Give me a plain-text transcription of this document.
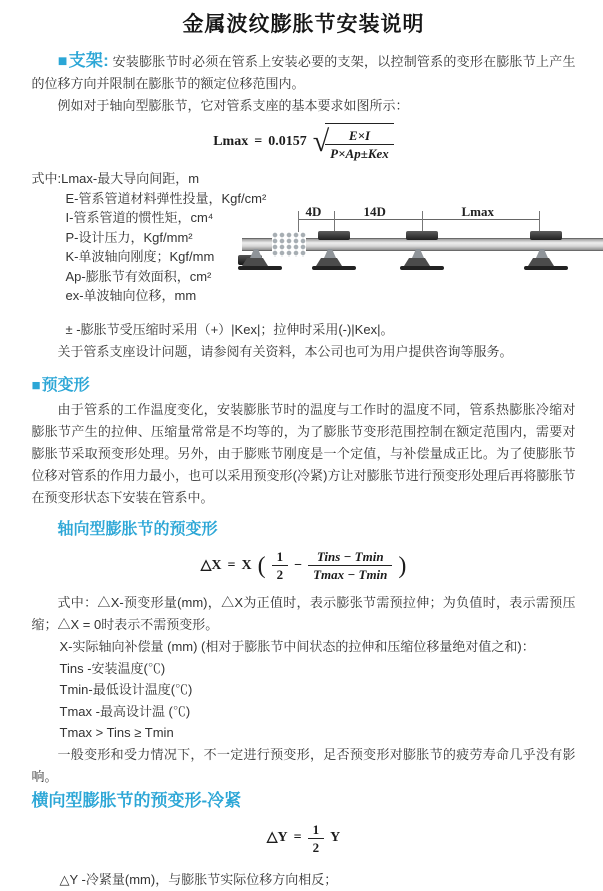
金属波纹膨胀节安装说明

■支架: 安装膨胀节时必须在管系上安装必要的支架，以控制管系的变形在膨胀节上产生的位移方向并限制在膨胀节的额定位移范围内。

例如对于轴向型膨胀节，它对管系支座的基本要求如图所示：

Lmax = 0.0157 √
$\frac{E\times I}{\text{P×Ap±Kex}}$
式中:Lmax-最大导向间距，m
E-管系管道材料弹性投量，Kgf/cm²
I-管系管道的惯性矩，cm⁴
P-设计压力，Kgf/mm²
K-单波轴向刚度；Kgf/mm
Ap-膨胀节有效面积，cm²
ex-单波轴向位移，mm
4D	14D	Lmax
± -膨胀节受压缩时采用（+）|Kex|；拉伸时采用(-)|Kex|。

关于管系支座设计问题，请参阅有关资料，本公司也可为用户提供咨询等服务。

■预变形

由于管系的工作温度变化，安装膨胀节时的温度与工作时的温度不同，管系热膨胀冷缩对膨胀节产生的拉伸、压缩量常常是不均等的，为了膨胀节变形范围控制在额定范围内，需要对膨胀节采取预变形处理。另外，由于膨账节刚度是一个定值，与补偿量成正比。为了使膨胀节位移对管系的作用力最小，也可以采用预变形(冷紧)方让对膨胀节进行预变形处理后再将膨胀节在预变形状态下安装在管系中。

轴向型膨胀节的预变形
△X = X ( $\frac{1}{2} - \frac{\text{Tins − Tmin}}{Tmax - Tmin}$ )

式中：△X-预变形量(mm)，△X为正值时，表示膨张节需预拉伸；为负值时，表示需预压缩；△X = 0时表示不需预变形。

X-实际轴向补偿量 (mm) (相对于膨胀节中间状态的拉伸和压缩位移量绝对值之和)：
Tins -安装温度(℃)
Tmin-最低设计温度(℃)
Tmax -最高设计温 (℃)
Tmax > Tins ≥ Tmin

一般变形和受力情况下，不一定进行预变形，足否预变形对膨胀节的疲劳寿命几乎没有影响。

横向型膨胀节的预变形-冷紧
△Y = $\frac{1}{2}$ Y
△Y -冷紧量(mm)，与膨胀节实际位移方向相反；
